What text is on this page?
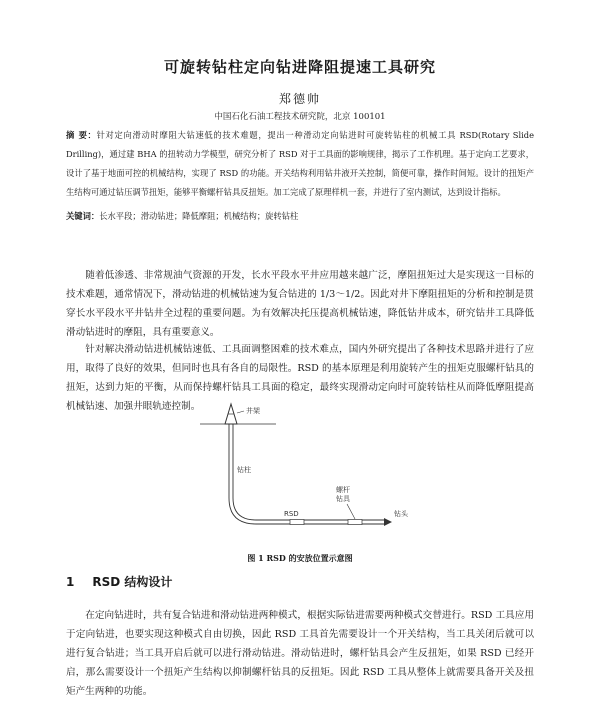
可旋转钻柱定向钻进降阻提速工具研究
郑德帅
中国石化石油工程技术研究院，北京 100101
摘 要：针对定向滑动时摩阻大钻速低的技术难题，提出一种滑动定向钻进时可旋转钻柱的机械工具 RSD(Rotary Slide Drilling)，通过建 BHA 的扭转动力学模型，研究分析了 RSD 对于工具面的影响规律，揭示了工作机理。基于定向工艺要求，设计了基于地面可控的机械结构，实现了 RSD 的功能。开关结构利用钻井液开关控制，简便可靠，操作时间短。设计的扭矩产生结构可通过钻压调节扭矩，能够平衡螺杆钻具反扭矩。加工完成了原理样机一套，并进行了室内测试，达到设计指标。
关键词：长水平段；滑动钻进；降低摩阻；机械结构；旋转钻柱
随着低渗透、非常规油气资源的开发，长水平段水平井应用越来越广泛，摩阻扭矩过大是实现这一目标的技术难题，通常情况下，滑动钻进的机械钻速为复合钻进的 1/3～1/2。因此对井下摩阻扭矩的分析和控制是贯穿长水平段水平井钻井全过程的重要问题。为有效解决托压提高机械钻速，降低钻井成本，研究钻井工具降低滑动钻进时的摩阻，具有重要意义。
针对解决滑动钻进机械钻速低、工具面调整困难的技术难点，国内外研究提出了各种技术思路并进行了应用，取得了良好的效果，但同时也具有各自的局限性。RSD 的基本原理是利用旋转产生的扭矩克服螺杆钻具的扭矩，达到力矩的平衡，从而保持螺杆钻具工具面的稳定，最终实现滑动定向时可旋转钻柱从而降低摩阻提高机械钻速、加强井眼轨迹控制。	井架
钻柱
RSD
螺杆
钻具
钻头
图 1 RSD 的安放位置示意图
1 RSD 结构设计
在定向钻进时，共有复合钻进和滑动钻进两种模式，根据实际钻进需要两种模式交替进行。RSD 工具应用于定向钻进，也要实现这种模式自由切换，因此 RSD 工具首先需要设计一个开关结构，当工具关闭后就可以进行复合钻进；当工具开启后就可以进行滑动钻进。滑动钻进时，螺杆钻具会产生反扭矩，如果 RSD 已经开启，那么需要设计一个扭矩产生结构以抑制螺杆钻具的反扭矩。因此 RSD 工具从整体上就需要具备开关及扭矩产生两种的功能。
